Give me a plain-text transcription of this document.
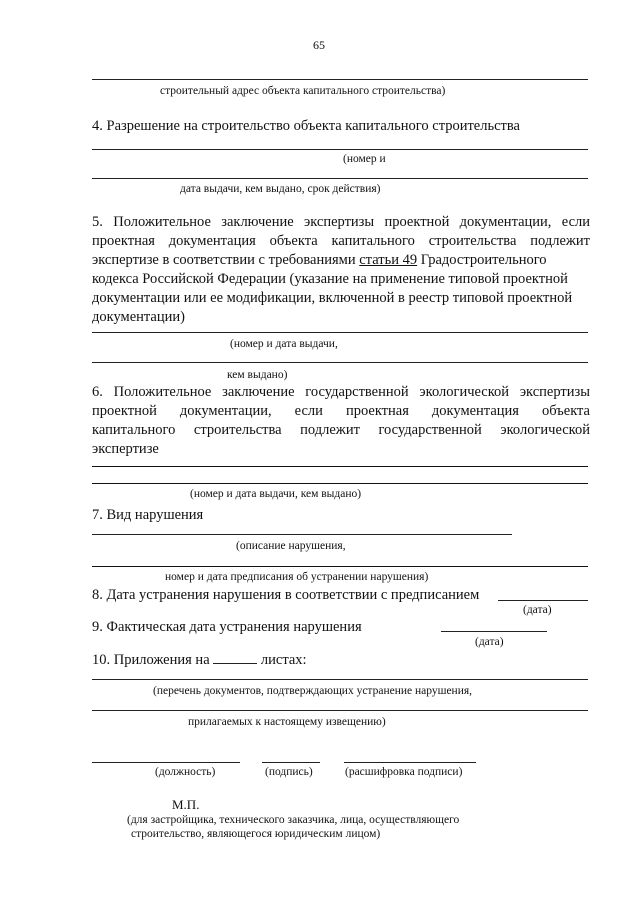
65
строительный адрес объекта капитального строительства)
4. Разрешение на строительство объекта капитального строительства
(номер и
дата выдачи, кем выдано, срок действия)
5. Положительное заключение экспертизы проектной документации, если
проектная документация объекта капитального строительства подлежит
экспертизе в соответствии с требованиями статьи 49 Градостроительного
кодекса Российской Федерации (указание на применение типовой проектной
документации или ее модификации, включенной в реестр типовой проектной
документации)
(номер и дата выдачи,
кем выдано)
6. Положительное заключение государственной экологической экспертизы
проектной документации, если проектная документация объекта
капитального строительства подлежит государственной экологической
экспертизе
(номер и дата выдачи, кем выдано)
7. Вид нарушения
(описание нарушения,
номер и дата предписания об устранении нарушения)
8. Дата устранения нарушения в соответствии с предписанием
(дата)
9. Фактическая дата устранения нарушения
(дата)
10. Приложения на	листах:
(перечень документов, подтверждающих устранение нарушения,
прилагаемых к настоящему извещению)
(должность)	(подпись)	(расшифровка подписи)
М.П.
(для застройщика, технического заказчика, лица, осуществляющего
строительство, являющегося юридическим лицом)
